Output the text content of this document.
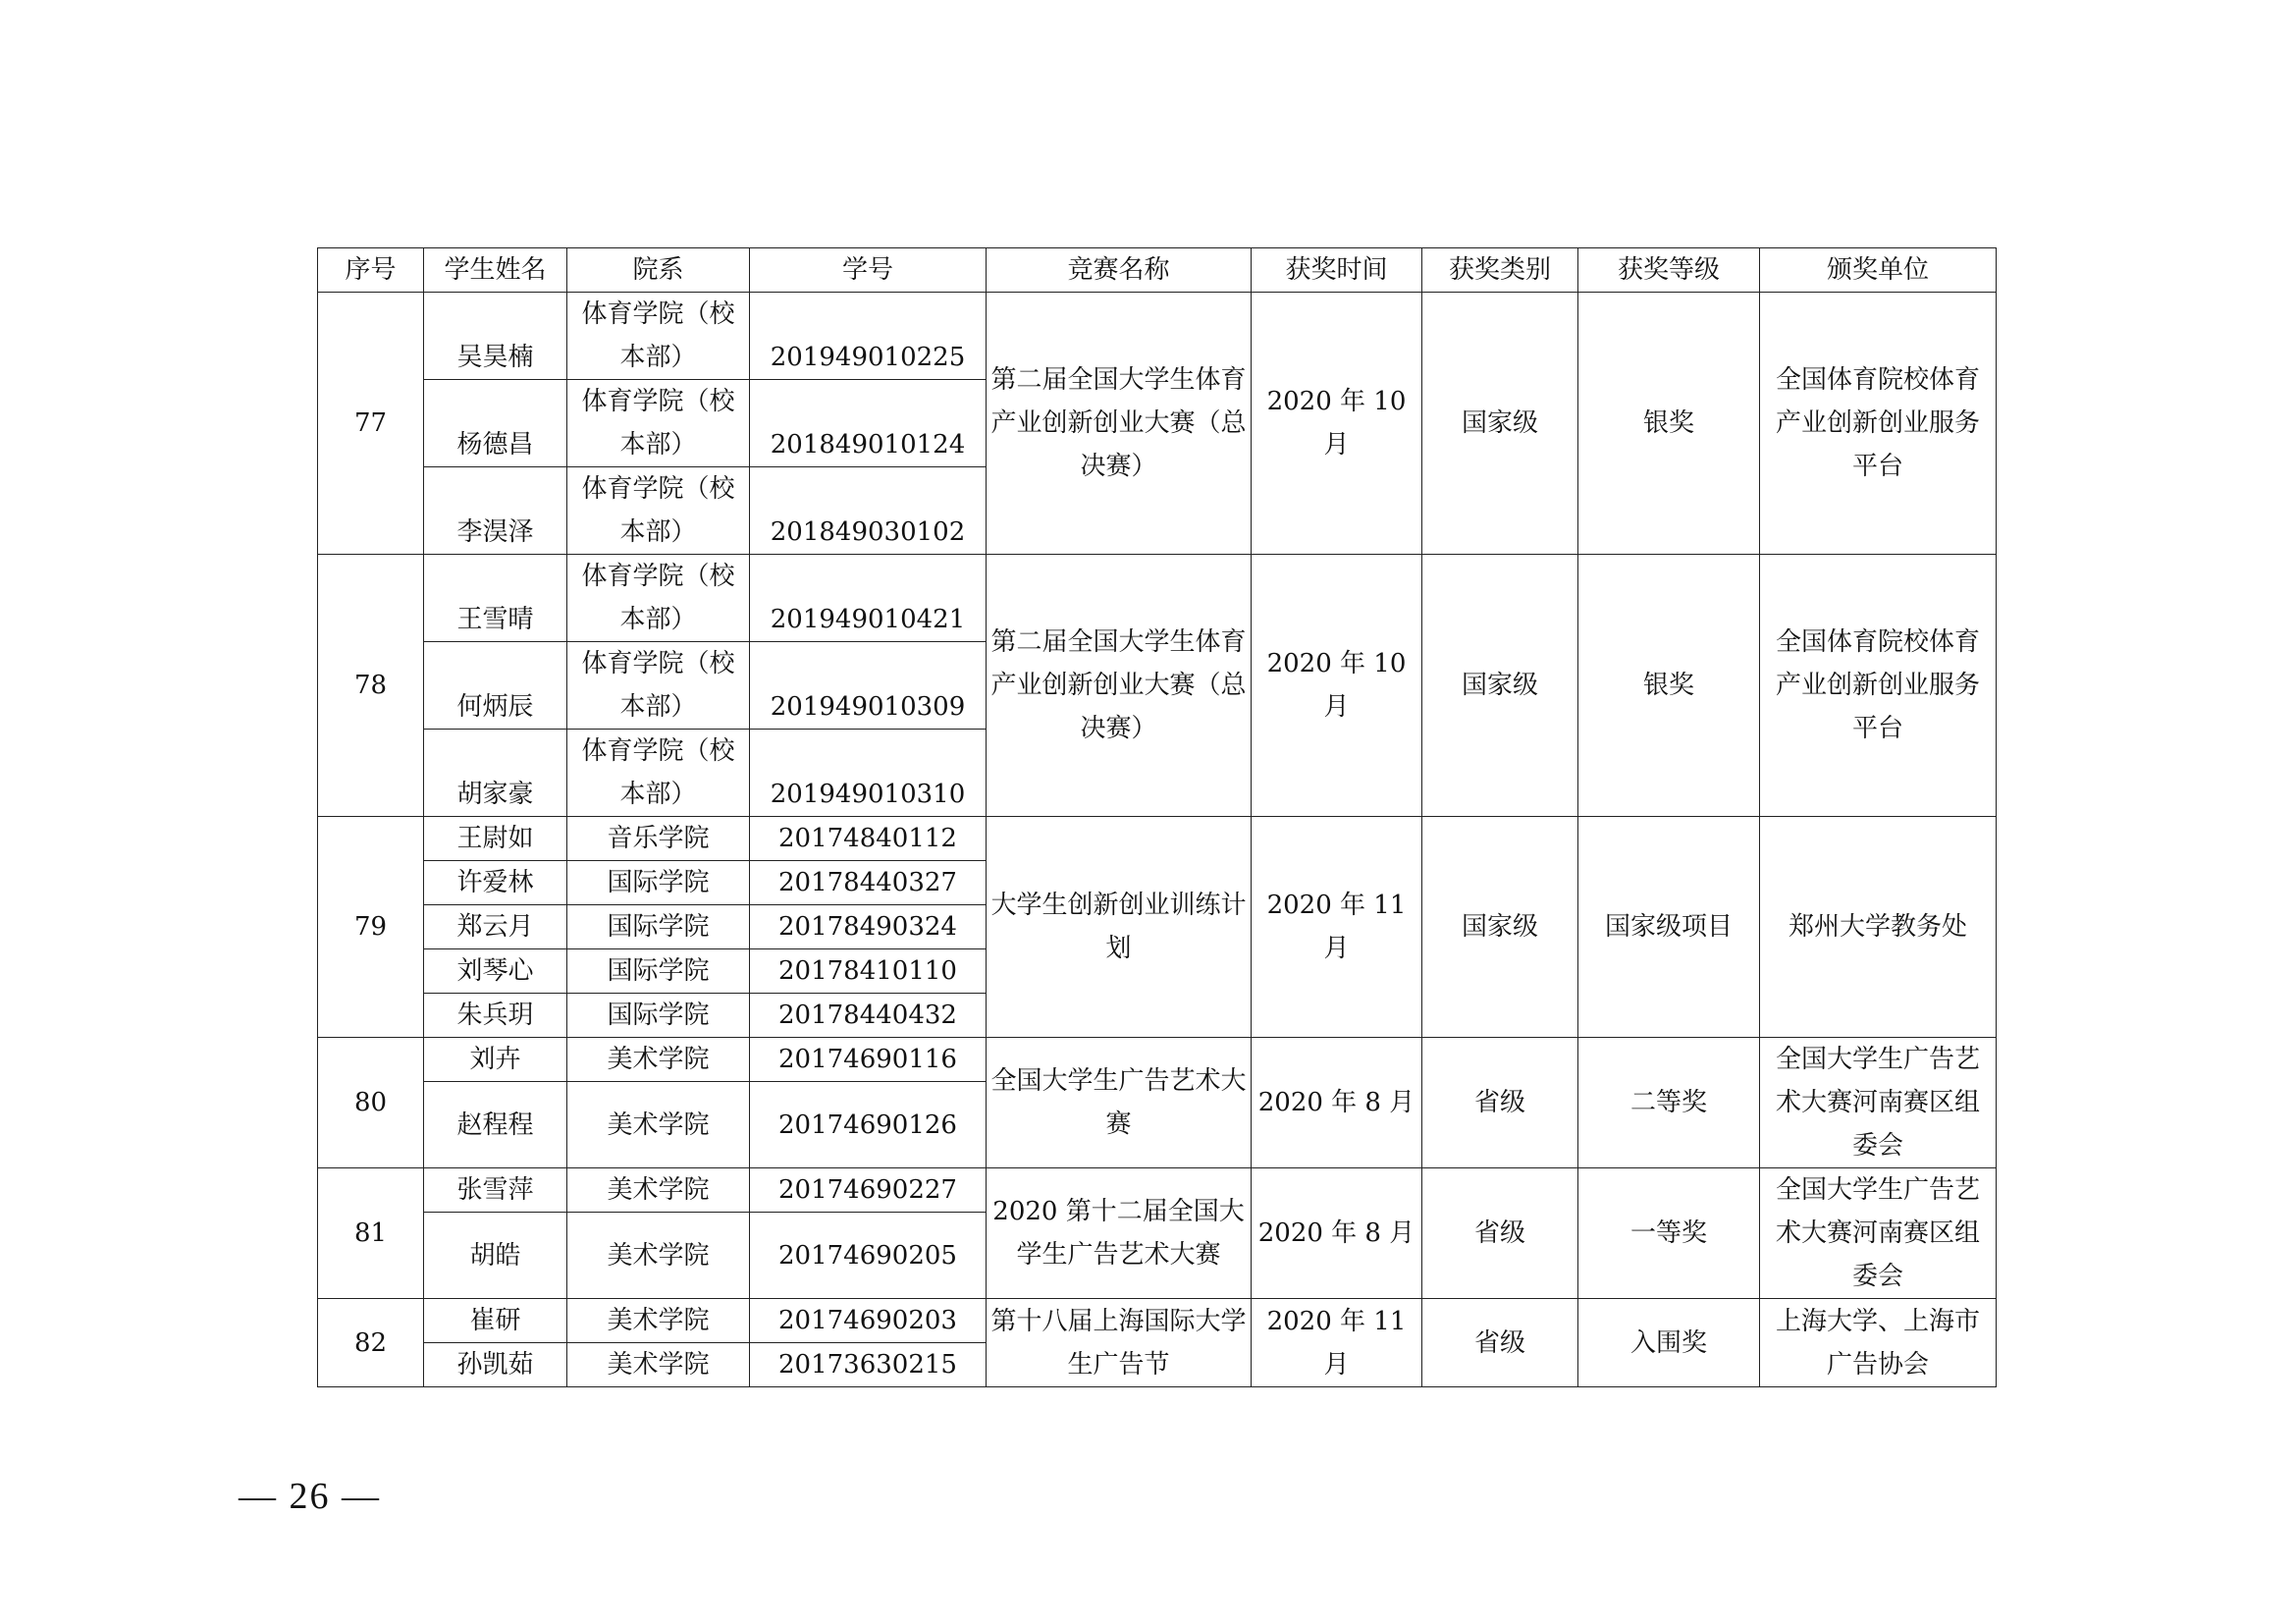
序号	学生姓名	院系	学号	竞赛名称	获奖时间	获奖类别	获奖等级	颁奖单位
77	吴昊楠	体育学院（校本部）	201949010225	第二届全国大学生体育产业创新创业大赛（总决赛）	2020 年 10 月	国家级	银奖	全国体育院校体育产业创新创业服务平台
	杨德昌	体育学院（校本部）	201849010124					
	李淏泽	体育学院（校本部）	201849030102					
78	王雪晴	体育学院（校本部）	201949010421	第二届全国大学生体育产业创新创业大赛（总决赛）	2020 年 10 月	国家级	银奖	全国体育院校体育产业创新创业服务平台
	何炳辰	体育学院（校本部）	201949010309					
	胡家豪	体育学院（校本部）	201949010310					
79	王尉如	音乐学院	20174840112	大学生创新创业训练计划	2020 年 11 月	国家级	国家级项目	郑州大学教务处
	许爱林	国际学院	20178440327					
	郑云月	国际学院	20178490324					
	刘琴心	国际学院	20178410110					
	朱兵玥	国际学院	20178440432					
80	刘卉	美术学院	20174690116	全国大学生广告艺术大赛	2020 年 8 月	省级	二等奖	全国大学生广告艺术大赛河南赛区组委会
	赵程程	美术学院	20174690126					
81	张雪萍	美术学院	20174690227	2020 第十二届全国大学生广告艺术大赛	2020 年 8 月	省级	一等奖	全国大学生广告艺术大赛河南赛区组委会
	胡皓	美术学院	20174690205					
82	崔研	美术学院	20174690203	第十八届上海国际大学生广告节	2020 年 11 月	省级	入围奖	上海大学、上海市广告协会
	孙凯茹	美术学院	20173630215					
— 26 —
